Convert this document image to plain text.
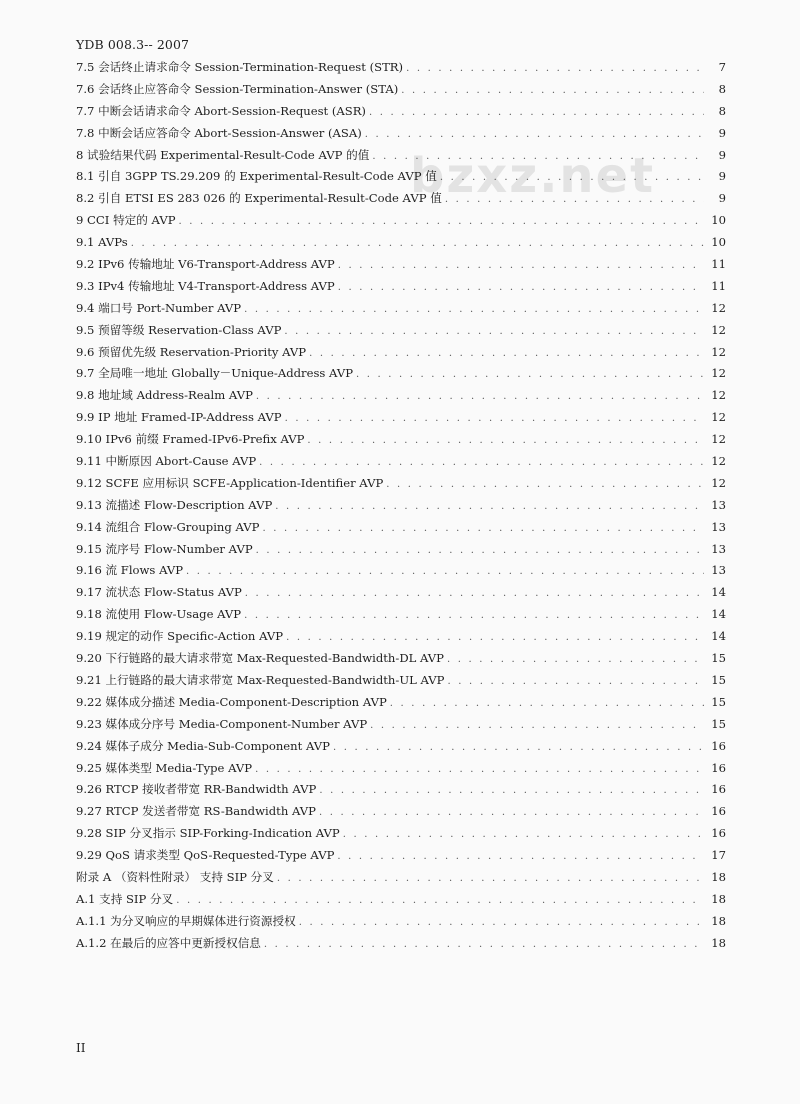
YDB 008.3-- 2007
bzxz.net
7.5 会话终止请求命令 Session-Termination-Request (STR) . . .	7
7.6 会话终止应答命令 Session-Termination-Answer (STA) . . .	8
7.7 中断会话请求命令 Abort-Session-Request (ASR) . . .	8
7.8 中断会话应答命令 Abort-Session-Answer (ASA) . . .	9
8 试验结果代码 Experimental-Result-Code AVP 的值 . . .	9
8.1 引自 3GPP TS.29.209 的 Experimental-Result-Code AVP 值 . . .	9
8.2 引自 ETSI ES 283 026 的 Experimental-Result-Code AVP 值 . . .	9
9 CCI 特定的 AVP . . .	10
9.1 AVPs . . .	10
9.2 IPv6 传输地址 V6-Transport-Address AVP . . .	11
9.3 IPv4 传输地址 V4-Transport-Address AVP . . .	11
9.4 端口号 Port-Number AVP . . .	12
9.5 预留等级 Reservation-Class AVP . . .	12
9.6 预留优先级 Reservation-Priority AVP . . .	12
9.7 全局唯一地址 Globally－Unique-Address AVP . . .	12
9.8 地址域 Address-Realm AVP . . .	12
9.9 IP 地址 Framed-IP-Address AVP . . .	12
9.10 IPv6 前缀 Framed-IPv6-Prefix AVP . . .	12
9.11 中断原因 Abort-Cause AVP . . .	12
9.12 SCFE 应用标识 SCFE-Application-Identifier AVP . . .	12
9.13 流描述 Flow-Description AVP . . .	13
9.14 流组合 Flow-Grouping AVP . . .	13
9.15 流序号 Flow-Number AVP . . .	13
9.16 流 Flows AVP . . .	13
9.17 流状态 Flow-Status AVP . . .	14
9.18 流使用 Flow-Usage AVP . . .	14
9.19 规定的动作 Specific-Action AVP . . .	14
9.20 下行链路的最大请求带宽 Max-Requested-Bandwidth-DL AVP . . .	15
9.21 上行链路的最大请求带宽 Max-Requested-Bandwidth-UL AVP . . .	15
9.22 媒体成分描述 Media-Component-Description AVP . . .	15
9.23 媒体成分序号 Media-Component-Number AVP . . .	15
9.24 媒体子成分 Media-Sub-Component AVP . . .	16
9.25 媒体类型 Media-Type AVP . . .	16
9.26 RTCP 接收者带宽 RR-Bandwidth AVP . . .	16
9.27 RTCP 发送者带宽 RS-Bandwidth AVP . . .	16
9.28 SIP 分叉指示 SIP-Forking-Indication AVP . . .	16
9.29 QoS 请求类型 QoS-Requested-Type AVP . . .	17
附录 A （资料性附录） 支持 SIP 分叉 . . .	18
A.1 支持 SIP 分叉 . . .	18
A.1.1 为分叉响应的早期媒体进行资源授权 . . .	18
A.1.2 在最后的应答中更新授权信息 . . .	18
II
